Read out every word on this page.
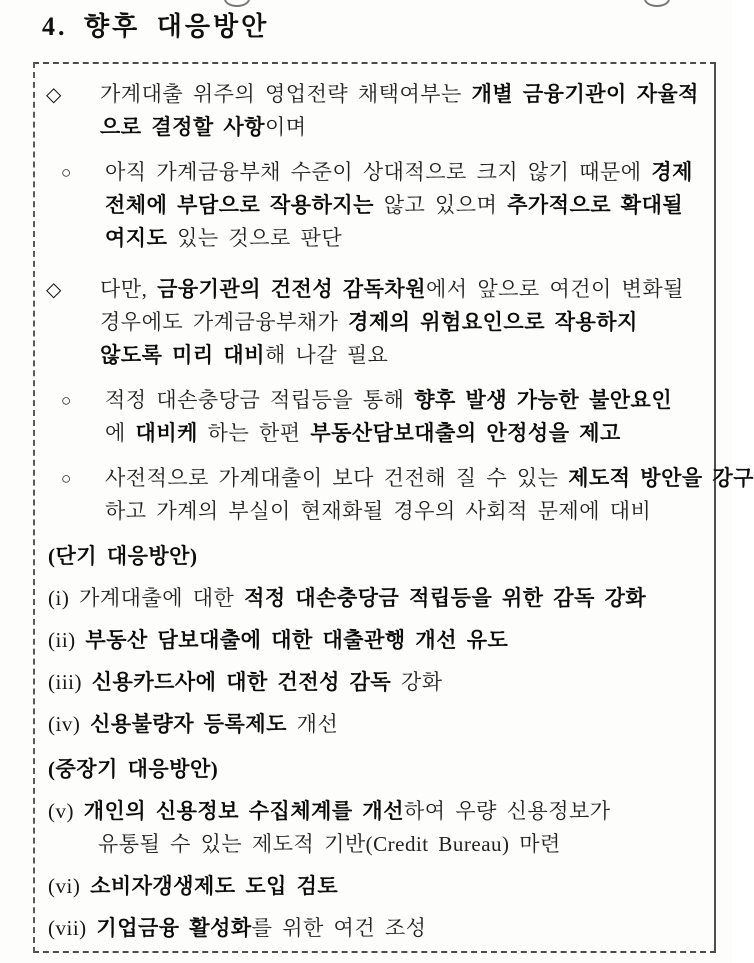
4. 향후 대응방안
◇ 가계대출 위주의 영업전략 채택여부는 개별 금융기관이 자율적
으로 결정할 사항이며
○ 아직 가계금융부채 수준이 상대적으로 크지 않기 때문에 경제
전체에 부담으로 작용하지는 않고 있으며 추가적으로 확대될
여지도 있는 것으로 판단
◇ 다만, 금융기관의 건전성 감독차원에서 앞으로 여건이 변화될
경우에도 가계금융부채가 경제의 위험요인으로 작용하지
않도록 미리 대비해 나갈 필요
○ 적정 대손충당금 적립등을 통해 향후 발생 가능한 불안요인
에 대비케 하는 한편 부동산담보대출의 안정성을 제고
○ 사전적으로 가계대출이 보다 건전해 질 수 있는 제도적 방안을 강구
하고 가계의 부실이 현재화될 경우의 사회적 문제에 대비
(단기 대응방안)
(i) 가계대출에 대한 적정 대손충당금 적립등을 위한 감독 강화
(ii) 부동산 담보대출에 대한 대출관행 개선 유도
(iii) 신용카드사에 대한 건전성 감독 강화
(iv) 신용불량자 등록제도 개선
(중장기 대응방안)
(v) 개인의 신용정보 수집체계를 개선하여 우량 신용정보가
유통될 수 있는 제도적 기반(Credit Bureau) 마련
(vi) 소비자갱생제도 도입 검토
(vii) 기업금융 활성화를 위한 여건 조성
